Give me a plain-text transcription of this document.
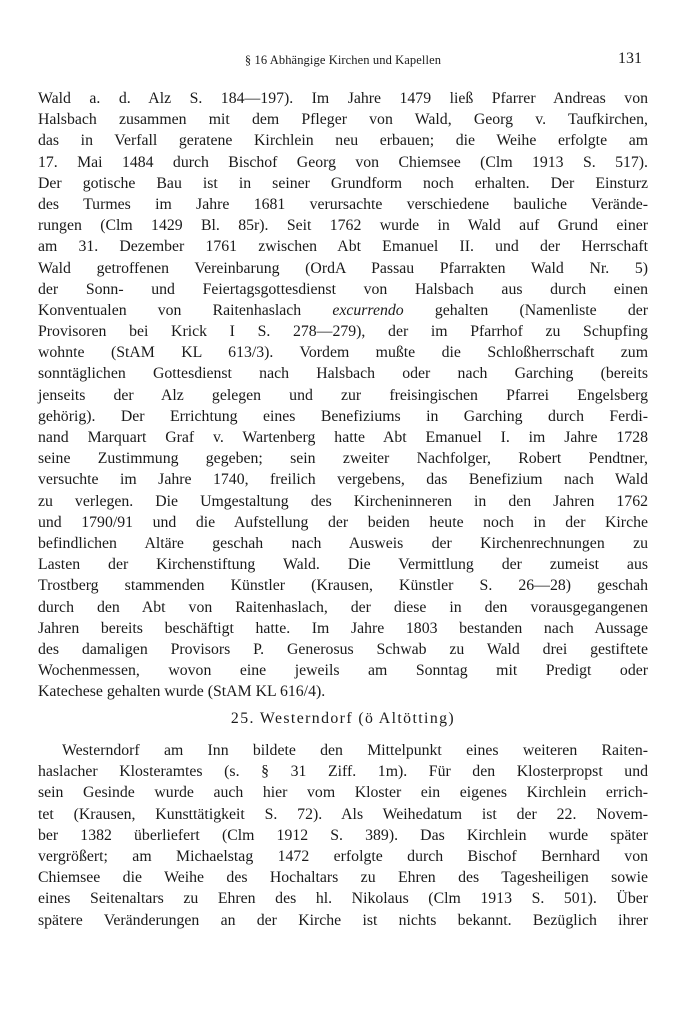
§ 16 Abhängige Kirchen und Kapellen	131
Wald a. d. Alz S. 184—197). Im Jahre 1479 ließ Pfarrer Andreas von
Halsbach zusammen mit dem Pfleger von Wald, Georg v. Taufkirchen,
das in Verfall geratene Kirchlein neu erbauen; die Weihe erfolgte am
17. Mai 1484 durch Bischof Georg von Chiemsee (Clm 1913 S. 517).
Der gotische Bau ist in seiner Grundform noch erhalten. Der Einsturz
des Turmes im Jahre 1681 verursachte verschiedene bauliche Verände-
rungen (Clm 1429 Bl. 85r). Seit 1762 wurde in Wald auf Grund einer
am 31. Dezember 1761 zwischen Abt Emanuel II. und der Herrschaft
Wald getroffenen Vereinbarung (OrdA Passau Pfarrakten Wald Nr. 5)
der Sonn- und Feiertagsgottesdienst von Halsbach aus durch einen
Konventualen von Raitenhaslach excurrendo gehalten (Namenliste der
Provisoren bei Krick I S. 278—279), der im Pfarrhof zu Schupfing
wohnte (StAM KL 613/3). Vordem mußte die Schloßherrschaft zum
sonntäglichen Gottesdienst nach Halsbach oder nach Garching (bereits
jenseits der Alz gelegen und zur freisingischen Pfarrei Engelsberg
gehörig). Der Errichtung eines Benefiziums in Garching durch Ferdi-
nand Marquart Graf v. Wartenberg hatte Abt Emanuel I. im Jahre 1728
seine Zustimmung gegeben; sein zweiter Nachfolger, Robert Pendtner,
versuchte im Jahre 1740, freilich vergebens, das Benefizium nach Wald
zu verlegen. Die Umgestaltung des Kircheninneren in den Jahren 1762
und 1790/91 und die Aufstellung der beiden heute noch in der Kirche
befindlichen Altäre geschah nach Ausweis der Kirchenrechnungen zu
Lasten der Kirchenstiftung Wald. Die Vermittlung der zumeist aus
Trostberg stammenden Künstler (Krausen, Künstler S. 26—28) geschah
durch den Abt von Raitenhaslach, der diese in den vorausgegangenen
Jahren bereits beschäftigt hatte. Im Jahre 1803 bestanden nach Aussage
des damaligen Provisors P. Generosus Schwab zu Wald drei gestiftete
Wochenmessen, wovon eine jeweils am Sonntag mit Predigt oder
Katechese gehalten wurde (StAM KL 616/4).
25. Westerndorf (ö Altötting)
Westerndorf am Inn bildete den Mittelpunkt eines weiteren Raiten-
haslacher Klosteramtes (s. § 31 Ziff. 1m). Für den Klosterpropst und
sein Gesinde wurde auch hier vom Kloster ein eigenes Kirchlein errich-
tet (Krausen, Kunsttätigkeit S. 72). Als Weihedatum ist der 22. Novem-
ber 1382 überliefert (Clm 1912 S. 389). Das Kirchlein wurde später
vergrößert; am Michaelstag 1472 erfolgte durch Bischof Bernhard von
Chiemsee die Weihe des Hochaltars zu Ehren des Tagesheiligen sowie
eines Seitenaltars zu Ehren des hl. Nikolaus (Clm 1913 S. 501). Über
spätere Veränderungen an der Kirche ist nichts bekannt. Bezüglich ihrer
